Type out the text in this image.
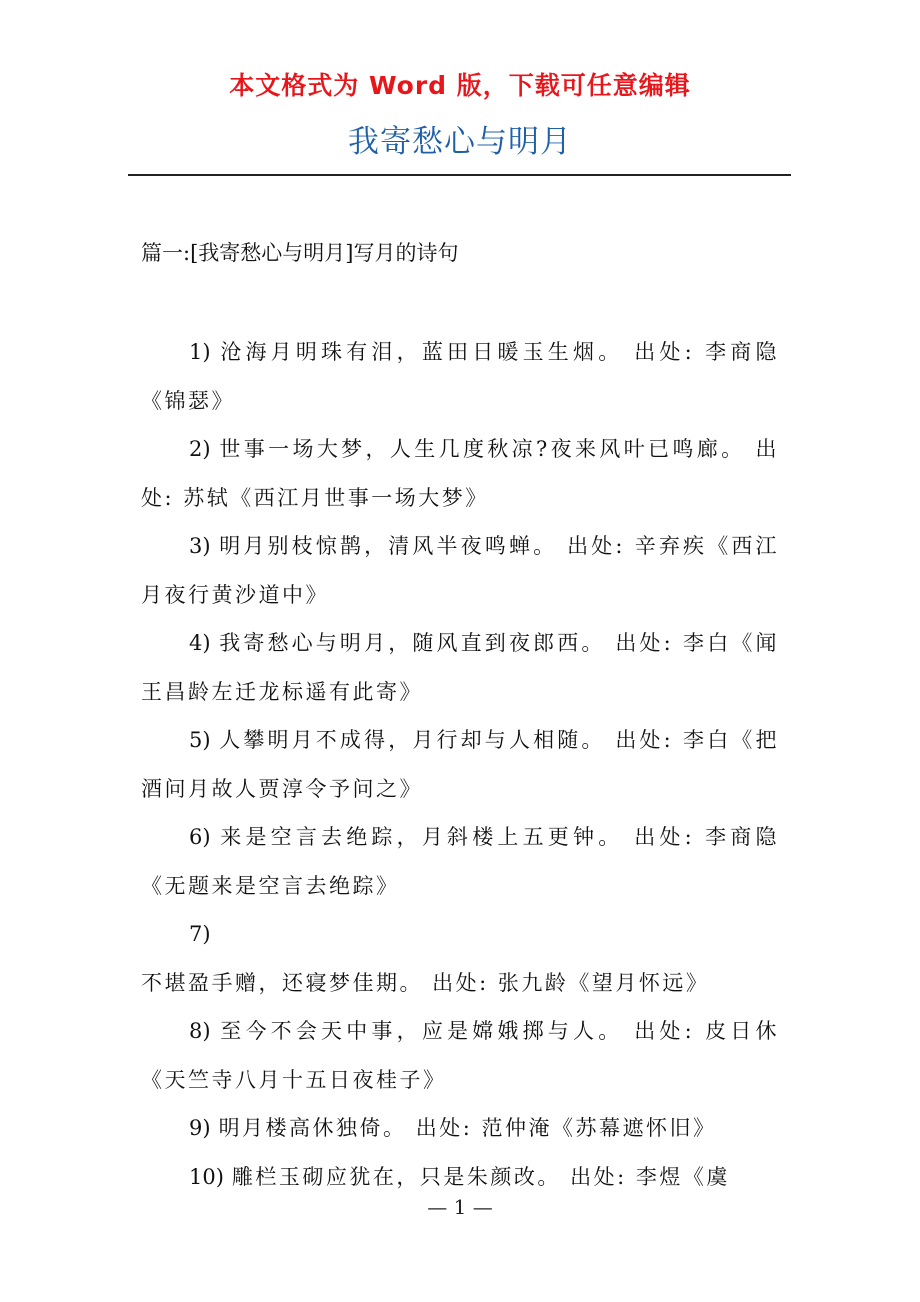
本文格式为 Word 版，下载可任意编辑
我寄愁心与明月
篇一:[我寄愁心与明月]写月的诗句
1) 沧海月明珠有泪，蓝田日暖玉生烟。 出处: 李商隐《锦瑟》
2) 世事一场大梦，人生几度秋凉?夜来风叶已鸣廊。 出处: 苏轼《西江月世事一场大梦》
3) 明月别枝惊鹊，清风半夜鸣蝉。 出处: 辛弃疾《西江月夜行黄沙道中》
4) 我寄愁心与明月，随风直到夜郎西。 出处: 李白《闻王昌龄左迁龙标遥有此寄》
5) 人攀明月不成得，月行却与人相随。 出处: 李白《把酒问月故人贾淳令予问之》
6) 来是空言去绝踪，月斜楼上五更钟。 出处: 李商隐《无题来是空言去绝踪》
7)不堪盈手赠，还寝梦佳期。 出处: 张九龄《望月怀远》
8) 至今不会天中事，应是嫦娥掷与人。 出处: 皮日休《天竺寺八月十五日夜桂子》
9) 明月楼高休独倚。 出处: 范仲淹《苏幕遮怀旧》
10) 雕栏玉砌应犹在，只是朱颜改。 出处: 李煜《虞
— 1 —
